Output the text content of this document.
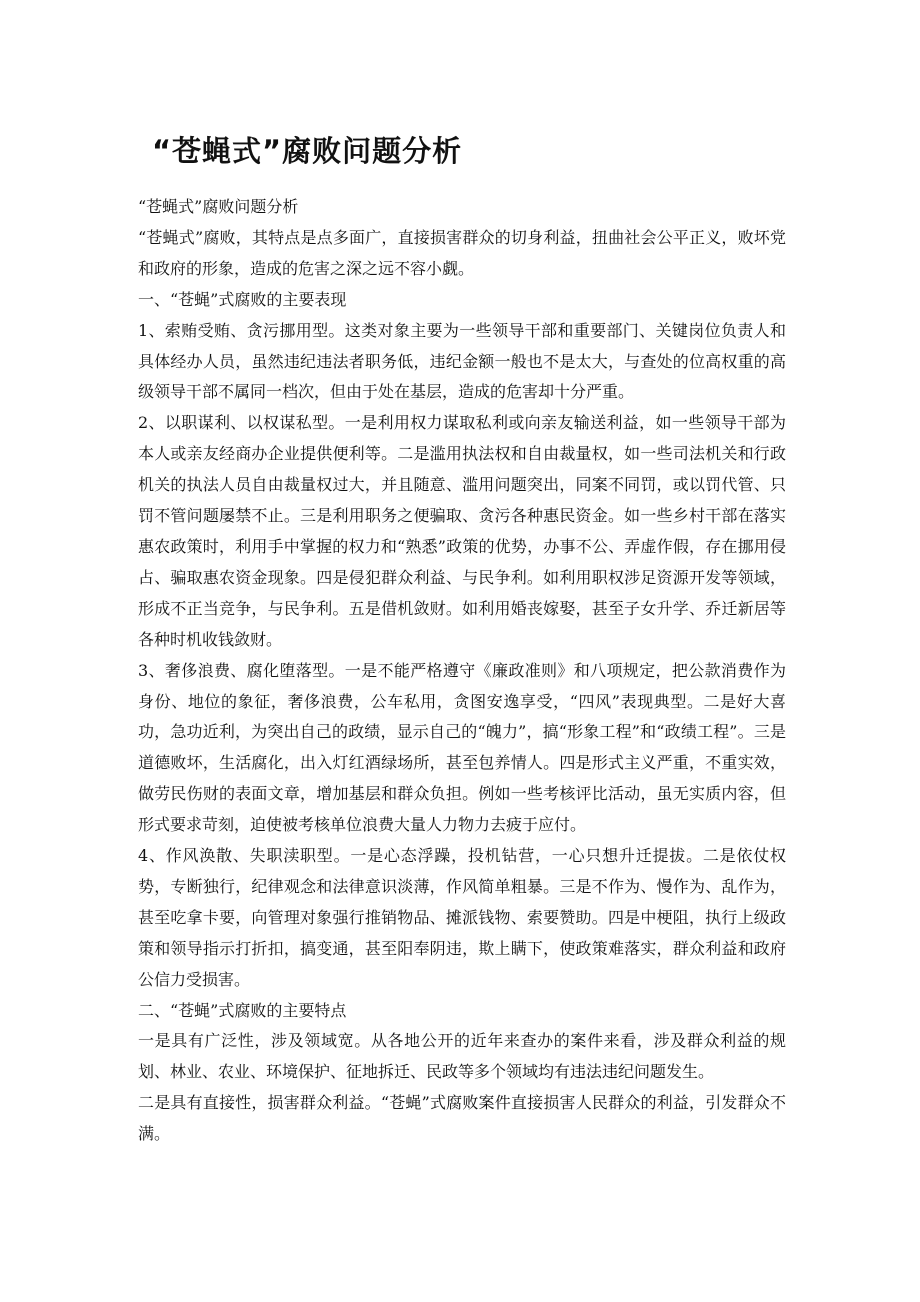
“苍蝇式”腐败问题分析

“苍蝇式”腐败问题分析

“苍蝇式”腐败，其特点是点多面广，直接损害群众的切身利益，扭曲社会公平正义，败坏党和政府的形象，造成的危害之深之远不容小觑。

一、“苍蝇”式腐败的主要表现

1、索贿受贿、贪污挪用型。这类对象主要为一些领导干部和重要部门、关键岗位负责人和具体经办人员，虽然违纪违法者职务低，违纪金额一般也不是太大，与查处的位高权重的高级领导干部不属同一档次，但由于处在基层，造成的危害却十分严重。

2、以职谋利、以权谋私型。一是利用权力谋取私利或向亲友输送利益，如一些领导干部为本人或亲友经商办企业提供便利等。二是滥用执法权和自由裁量权，如一些司法机关和行政机关的执法人员自由裁量权过大，并且随意、滥用问题突出，同案不同罚，或以罚代管、只罚不管问题屡禁不止。三是利用职务之便骗取、贪污各种惠民资金。如一些乡村干部在落实惠农政策时，利用手中掌握的权力和“熟悉”政策的优势，办事不公、弄虚作假，存在挪用侵占、骗取惠农资金现象。四是侵犯群众利益、与民争利。如利用职权涉足资源开发等领域，形成不正当竞争，与民争利。五是借机敛财。如利用婚丧嫁娶，甚至子女升学、乔迁新居等各种时机收钱敛财。

3、奢侈浪费、腐化堕落型。一是不能严格遵守《廉政准则》和八项规定，把公款消费作为身份、地位的象征，奢侈浪费，公车私用，贪图安逸享受，“四风”表现典型。二是好大喜功，急功近利，为突出自己的政绩，显示自己的“魄力”，搞“形象工程”和“政绩工程”。三是道德败坏，生活腐化，出入灯红酒绿场所，甚至包养情人。四是形式主义严重，不重实效，做劳民伤财的表面文章，增加基层和群众负担。例如一些考核评比活动，虽无实质内容，但形式要求苛刻，迫使被考核单位浪费大量人力物力去疲于应付。

4、作风涣散、失职渎职型。一是心态浮躁，投机钻营，一心只想升迁提拔。二是依仗权势，专断独行，纪律观念和法律意识淡薄，作风简单粗暴。三是不作为、慢作为、乱作为，甚至吃拿卡要，向管理对象强行推销物品、摊派钱物、索要赞助。四是中梗阻，执行上级政策和领导指示打折扣，搞变通，甚至阳奉阴违，欺上瞒下，使政策难落实，群众利益和政府公信力受损害。

二、“苍蝇”式腐败的主要特点

一是具有广泛性，涉及领域宽。从各地公开的近年来查办的案件来看，涉及群众利益的规划、林业、农业、环境保护、征地拆迁、民政等多个领域均有违法违纪问题发生。

二是具有直接性，损害群众利益。“苍蝇”式腐败案件直接损害人民群众的利益，引发群众不满。
